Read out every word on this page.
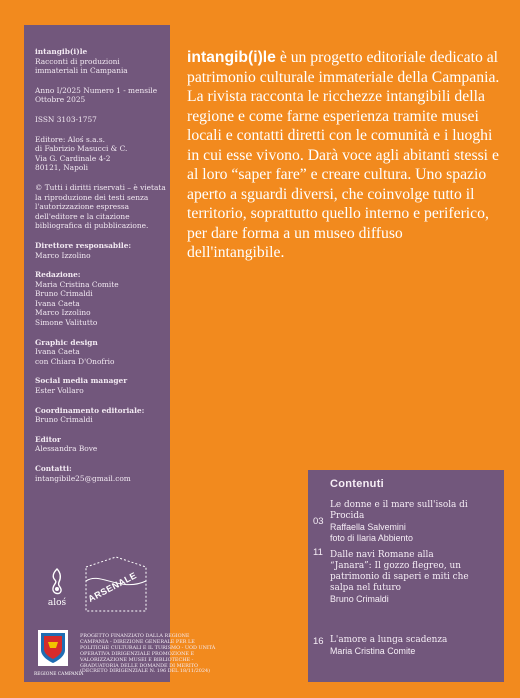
intangib(i)le
Racconti di produzioni
immateriali in Campania
Anno I/2025 Numero 1 - mensile
Ottobre 2025
ISSN 3103-1757
Editore: Aloś s.a.s.
di Fabrizio Masucci & C.
Via G. Cardinale 4-2
80121, Napoli
© Tutti i diritti riservati – è vietata
la riproduzione dei testi senza
l'autorizzazione espressa
dell'editore e la citazione
bibliografica di pubblicazione.
Direttore responsabile:
Marco Izzolino
Redazione:
Maria Cristina Comite
Bruno Crimaldi
Ivana Caeta
Marco Izzolino
Simone Valitutto
Graphic design
Ivana Caeta
con Chiara D'Onofrio
Social media manager
Ester Vollaro
Coordinamento editoriale:
Bruno Crimaldi
Editor
Alessandra Bove
Contatti:
intangibile25@gmail.com
aloś	ARSENALE
REGIONE CAMPANIA
PROGETTO FINANZIATO DALLA REGIONE CAMPANIA - DIREZIONE GENERALE PER LE POLITICHE CULTURALI E IL TURISMO - UOD UNITÀ OPERATIVA DIRIGENZIALE PROMOZIONE E VALORIZZAZIONE MUSEI E BIBLIOTECHE - GRADUATORIA DELLE DOMANDE DI MERITO (DECRETO DIRIGENZIALE N. 196 DEL 18/11/2024)
intangib(i)le è un progetto editoriale dedicato al patrimonio culturale immateriale della Campania. La rivista racconta le ricchezze intangibili della regione e come farne esperienza tramite musei locali e contatti diretti con le comunità e i luoghi in cui esse vivono. Darà voce agli abitanti stessi e al loro “saper fare” e creare cultura. Uno spazio aperto a sguardi diversi, che coinvolge tutto il territorio, soprattutto quello interno e periferico, per dare forma a un museo diffuso dell'intangibile.
Contenuti
03
Le donne e il mare sull'isola di
Procida
Raffaella Salvemini
foto di Ilaria Abbiento
11 Dalle navi Romane alla
“Janara”: Il gozzo flegreo, un
patrimonio di saperi e miti che
salpa nel futuro
Bruno Crimaldi
16 L'amore a lunga scadenza
Maria Cristina Comite
